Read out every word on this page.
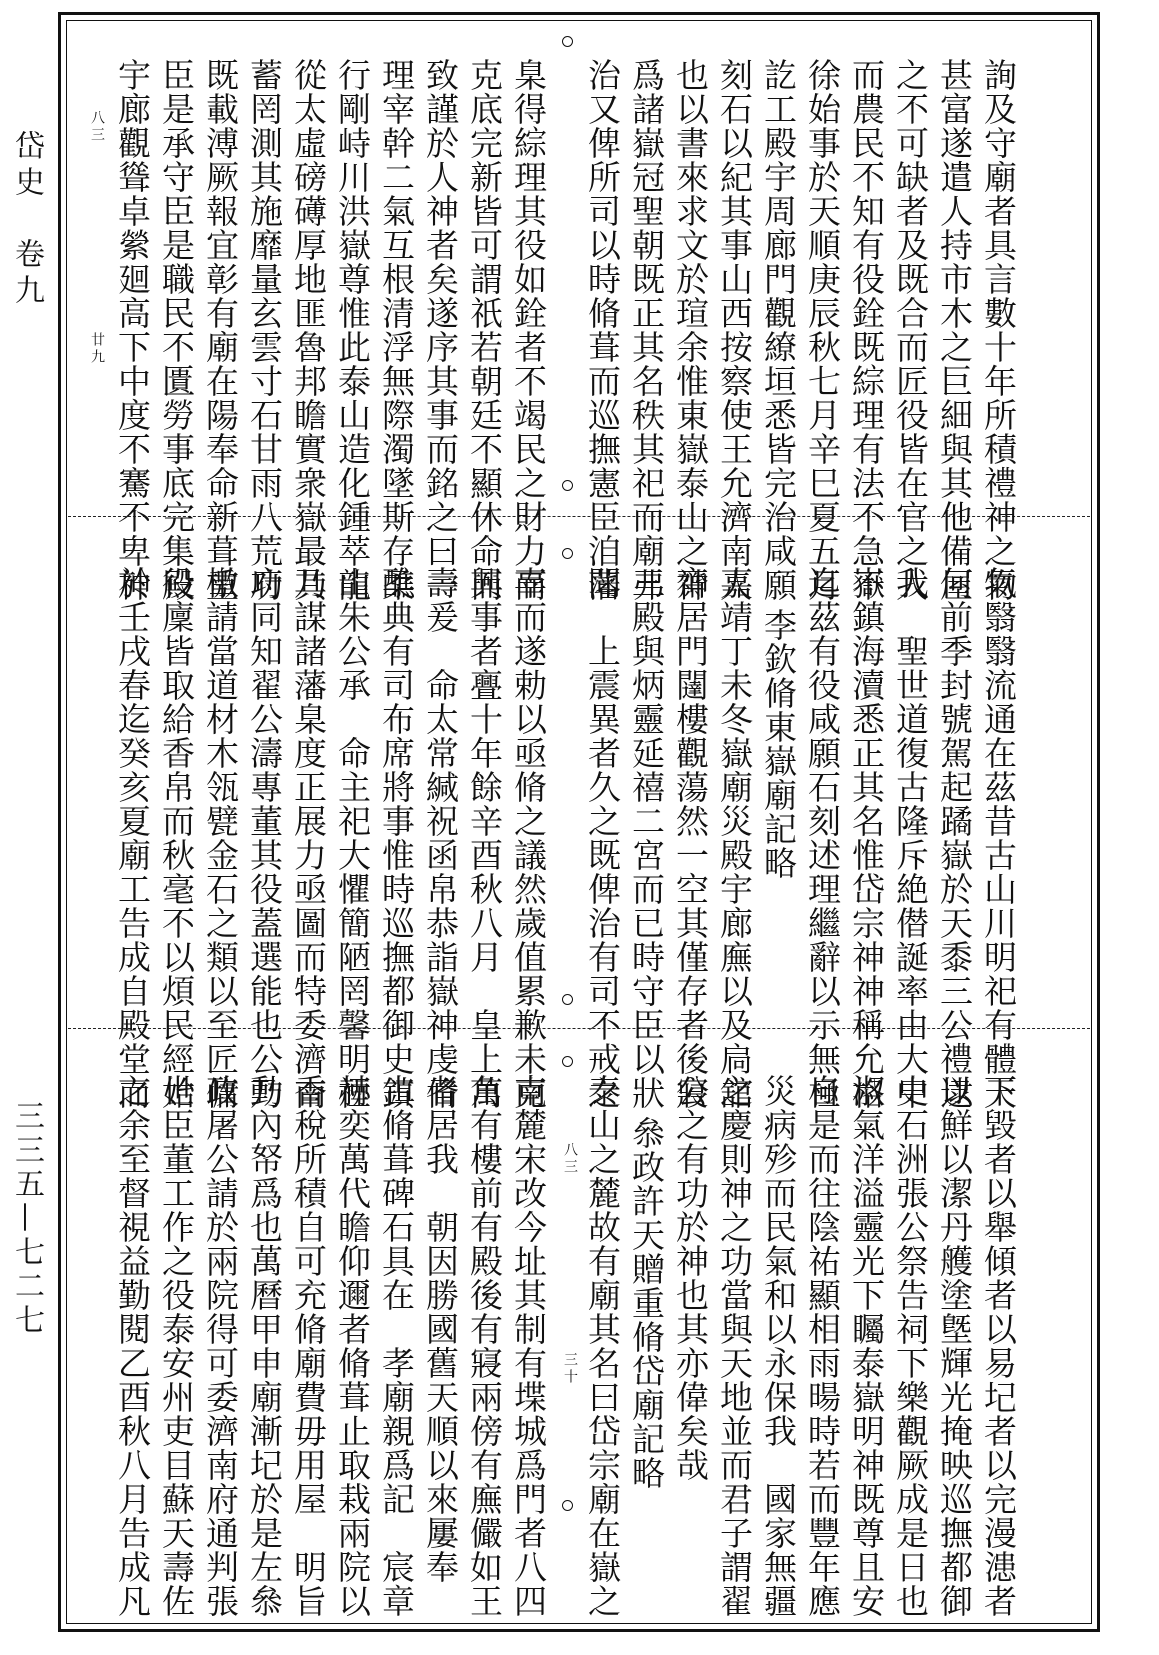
岱史　卷九
三三五—七二七
八三
廿九
八三
三十
詢及守廟者具言數十年所積禮神之物
甚富遂遣人持市木之巨細與其他備屋
之不可缺者及既合而匠役皆在官之人
而農民不知有役銓既綜理有法不急不
徐始事於天順庚辰秋七月辛巳夏五月
訖工殿宇周廊門觀繚垣悉皆完治咸願
刻石以紀其事山西按察使王允濟南人
也以書來求文於瑄余惟東嶽泰山之神
爲諸嶽冠聖朝既正其名秩其祀而廟弗
治又俾所司以時脩葺而巡撫憲臣洎藩
臬得綜理其役如銓者不竭民之財力而
克底完新皆可謂祇若朝廷不顯休命而
致謹於人神者矣遂序其事而銘之曰一
理宰幹二氣互根清浮無際濁墜斯存柔
行剛峙川洪嶽尊惟此泰山造化鍾萃龍
從太虛磅礡厚地匪魯邦瞻實衆嶽最其
蓄罔測其施靡量玄雲寸石甘雨八荒功
既載溥厥報宜彰有廟在陽奉命新葺重
臣是承守臣是職民不匱勞事底完集殿
宇廊觀聳卓縈廻高下中度不騫不卑神
氣翳翳流通在茲昔古山川明祀有體天
何前季封號駕起蹫嶽於天黍三公禮逮
我　聖世道復古隆斥絶僣誕率由大中
嶽鎮海瀆悉正其名惟岱宗神神稱允格
迄茲有役咸願石刻述理繼辭以示無極
李欽脩東嶽廟記略
嘉靖丁未冬嶽廟災殿宇廊廡以及扃舘
齋居門闥樓觀蕩然一空其僅存者後寢
三殿與炳靈延禧二宮而已時守臣以狀
聞　上震異者久之既俾治有司不戒之
辜而遂勅以亟脩之議然歲值累歉未克
興事者亹十年餘辛酉秋八月　皇上萬
壽爰　命太常緘祝函帛恭詣嶽神虔脩
醮典有司布席將事惟時巡撫都御史鎮
山朱公承　命主祀大懼簡陋罔馨明禋
乃謀諸藩臬度正展力亟圖而特委濟南
府同知翟公濤專董其役蓋選能也公乃
檄請當道材木瓴甓金石之類以至匠傭
役廩皆取給香帛而秋毫不以煩民經始
於壬戌春迄癸亥夏廟工告成自殿堂而
下毀者以舉傾者以易圮者以完漫漶者
以鮮以潔丹艧塗墍輝光掩映巡撫都御
史石洲張公祭告祠下樂觀厥成是日也
淑氣洋溢靈光下矚泰嶽明神既尊且安
自是而往陰祐顯相雨暘時若而豐年應
災病殄而民氣和以永保我　國家無疆
之慶則神之功當與天地並而君子謂翟
公之有功於神也其亦偉矣哉
叅政許天贈重脩岱廟記略
泰山之麓故有廟其名曰岱宗廟在嶽之
南麓宋改今址其制有堞城爲門者八四
角有樓前有殿後有寢兩傍有廡儼如王
者居我　朝因勝國舊天順以來屢奉
古脩葺碑石具在　孝廟親爲記　宸章
赫奕萬代瞻仰邇者脩葺止取栽兩院以
香稅所積自可充脩廟費毋用屋　明旨
動內帑爲也萬曆甲申廟漸圮於是左叅
政屠公請於兩院得可委濟南府通判張
世臣董工作之役泰安州吏目蘇天壽佐
之余至督視益勤閱乙酉秋八月告成凡
